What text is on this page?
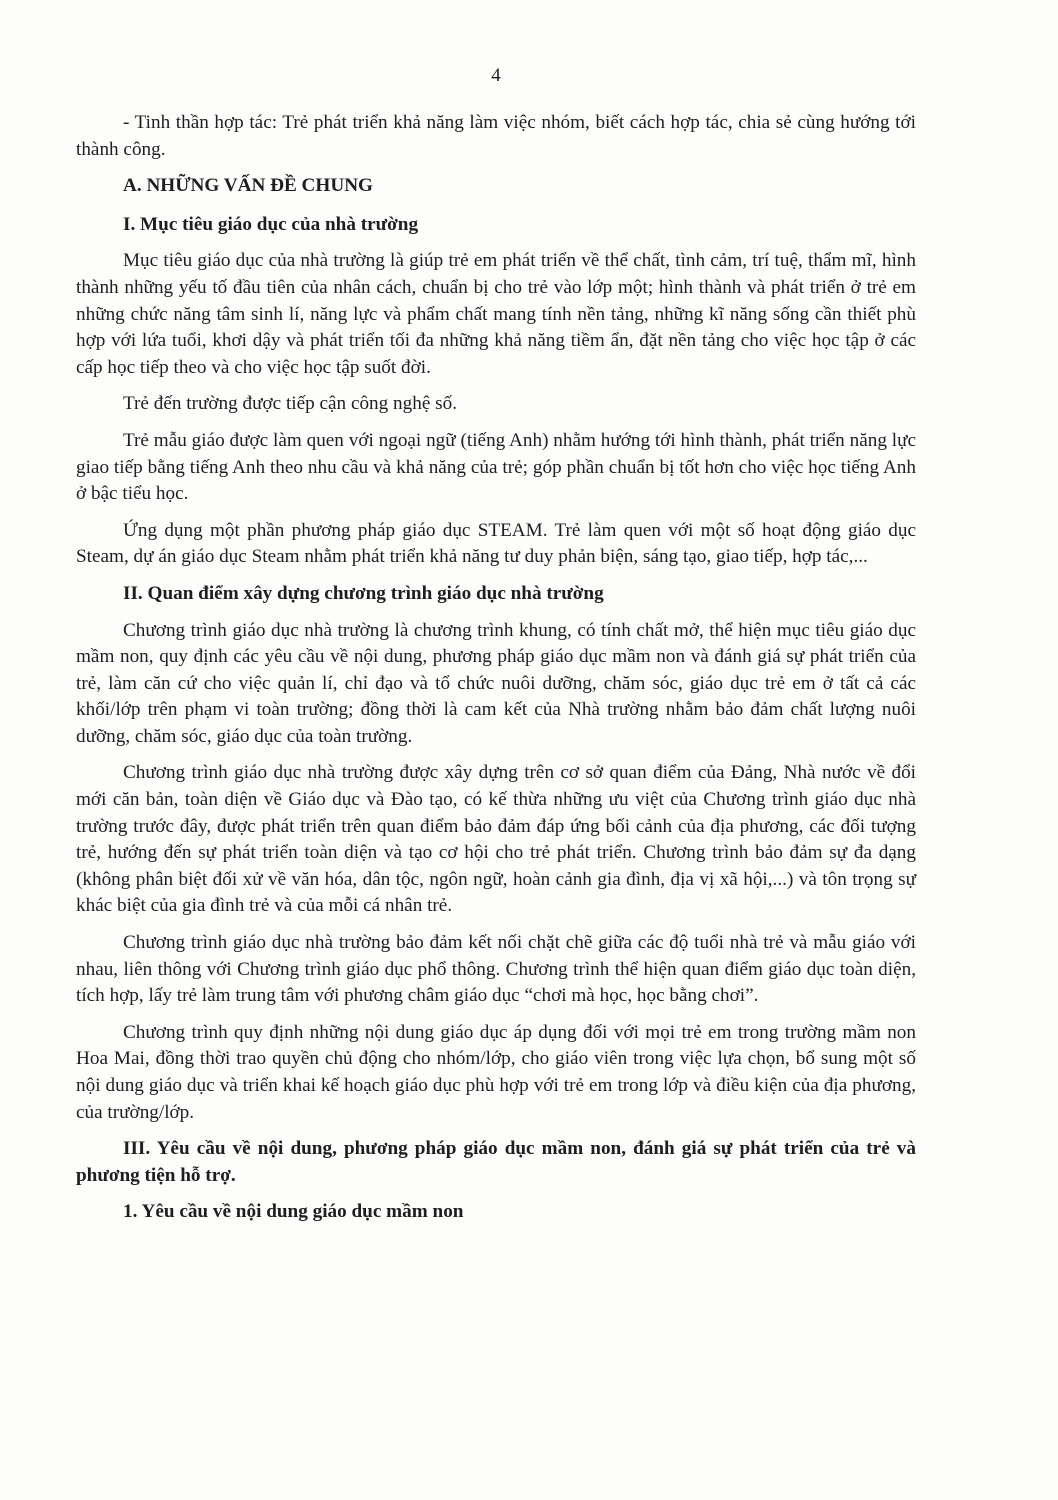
4

- Tinh thần hợp tác: Trẻ phát triển khả năng làm việc nhóm, biết cách hợp tác, chia sẻ cùng hướng tới thành công.

A. NHỮNG VẤN ĐỀ CHUNG

I. Mục tiêu giáo dục của nhà trường

Mục tiêu giáo dục của nhà trường là giúp trẻ em phát triển về thể chất, tình cảm, trí tuệ, thẩm mĩ, hình thành những yếu tố đầu tiên của nhân cách, chuẩn bị cho trẻ vào lớp một; hình thành và phát triển ở trẻ em những chức năng tâm sinh lí, năng lực và phẩm chất mang tính nền tảng, những kĩ năng sống cần thiết phù hợp với lứa tuổi, khơi dậy và phát triển tối đa những khả năng tiềm ẩn, đặt nền tảng cho việc học tập ở các cấp học tiếp theo và cho việc học tập suốt đời.

Trẻ đến trường được tiếp cận công nghệ số.

Trẻ mẫu giáo được làm quen với ngoại ngữ (tiếng Anh) nhằm hướng tới hình thành, phát triển năng lực giao tiếp bằng tiếng Anh theo nhu cầu và khả năng của trẻ; góp phần chuẩn bị tốt hơn cho việc học tiếng Anh ở bậc tiểu học.

Ứng dụng một phần phương pháp giáo dục STEAM. Trẻ làm quen với một số hoạt động giáo dục Steam, dự án giáo dục Steam nhằm phát triển khả năng tư duy phản biện, sáng tạo, giao tiếp, hợp tác,...

II. Quan điểm xây dựng chương trình giáo dục nhà trường

Chương trình giáo dục nhà trường là chương trình khung, có tính chất mở, thể hiện mục tiêu giáo dục mầm non, quy định các yêu cầu về nội dung, phương pháp giáo dục mầm non và đánh giá sự phát triển của trẻ, làm căn cứ cho việc quản lí, chỉ đạo và tổ chức nuôi dưỡng, chăm sóc, giáo dục trẻ em ở tất cả các khối/lớp trên phạm vi toàn trường; đồng thời là cam kết của Nhà trường nhằm bảo đảm chất lượng nuôi dưỡng, chăm sóc, giáo dục của toàn trường.

Chương trình giáo dục nhà trường được xây dựng trên cơ sở quan điểm của Đảng, Nhà nước về đổi mới căn bản, toàn diện về Giáo dục và Đào tạo, có kế thừa những ưu việt của Chương trình giáo dục nhà trường trước đây, được phát triển trên quan điểm bảo đảm đáp ứng bối cảnh của địa phương, các đối tượng trẻ, hướng đến sự phát triển toàn diện và tạo cơ hội cho trẻ phát triển. Chương trình bảo đảm sự đa dạng (không phân biệt đối xử về văn hóa, dân tộc, ngôn ngữ, hoàn cảnh gia đình, địa vị xã hội,...) và tôn trọng sự khác biệt của gia đình trẻ và của mỗi cá nhân trẻ.

Chương trình giáo dục nhà trường bảo đảm kết nối chặt chẽ giữa các độ tuổi nhà trẻ và mẫu giáo với nhau, liên thông với Chương trình giáo dục phổ thông. Chương trình thể hiện quan điểm giáo dục toàn diện, tích hợp, lấy trẻ làm trung tâm với phương châm giáo dục “chơi mà học, học bằng chơi”.

Chương trình quy định những nội dung giáo dục áp dụng đối với mọi trẻ em trong trường mầm non Hoa Mai, đồng thời trao quyền chủ động cho nhóm/lớp, cho giáo viên trong việc lựa chọn, bổ sung một số nội dung giáo dục và triển khai kế hoạch giáo dục phù hợp với trẻ em trong lớp và điều kiện của địa phương, của trường/lớp.

III. Yêu cầu về nội dung, phương pháp giáo dục mầm non, đánh giá sự phát triển của trẻ và phương tiện hỗ trợ.

1. Yêu cầu về nội dung giáo dục mầm non
